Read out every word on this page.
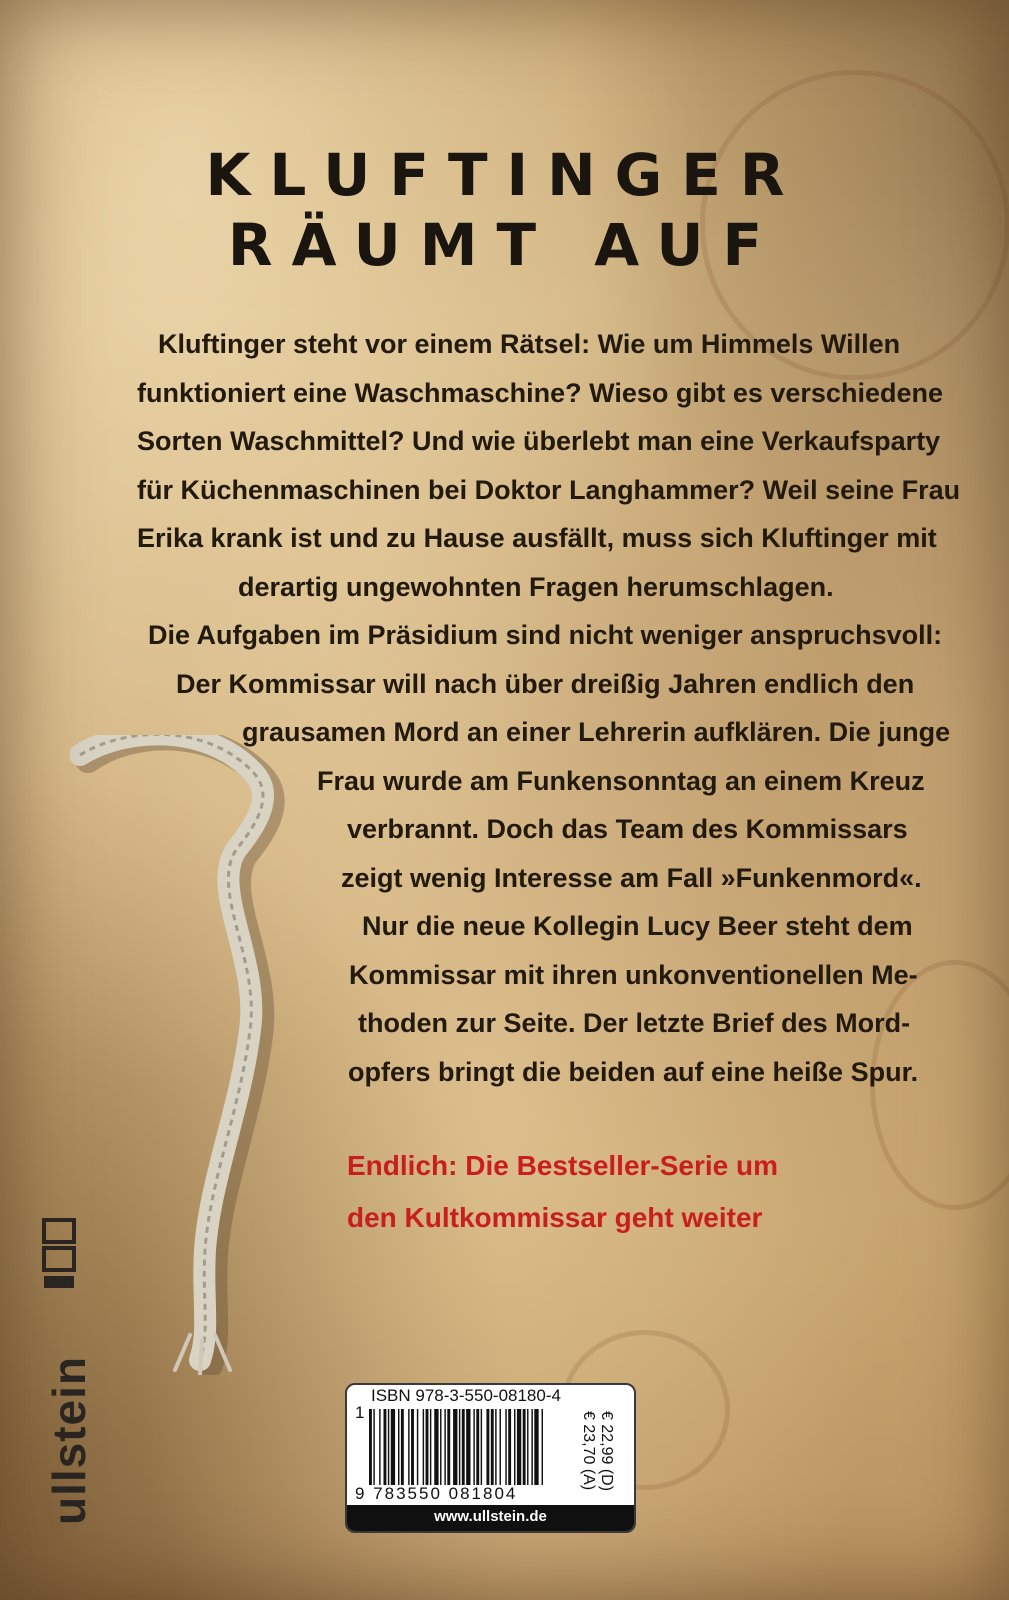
KLUFTINGER
RÄUMT AUF
Kluftinger steht vor einem Rätsel: Wie um Himmels Willen
funktioniert eine Waschmaschine? Wieso gibt es verschiedene
Sorten Waschmittel? Und wie überlebt man eine Verkaufsparty
für Küchenmaschinen bei Doktor Langhammer? Weil seine Frau
Erika krank ist und zu Hause ausfällt, muss sich Kluftinger mit
derartig ungewohnten Fragen herumschlagen.
Die Aufgaben im Präsidium sind nicht weniger anspruchsvoll:
Der Kommissar will nach über dreißig Jahren endlich den
grausamen Mord an einer Lehrerin aufklären. Die junge
Frau wurde am Funkensonntag an einem Kreuz
verbrannt. Doch das Team des Kommissars
zeigt wenig Interesse am Fall »Funkenmord«.
Nur die neue Kollegin Lucy Beer steht dem
Kommissar mit ihren unkonventionellen Me-
thoden zur Seite. Der letzte Brief des Mord-
opfers bringt die beiden auf eine heiße Spur.
Endlich: Die Bestseller-Serie um
den Kultkommissar geht weiter
ullstein	ISBN 978-3-550-08180-4
1
9 783550 081804
€ 22,99 (D)
€ 23,70 (A)
www.ullstein.de
